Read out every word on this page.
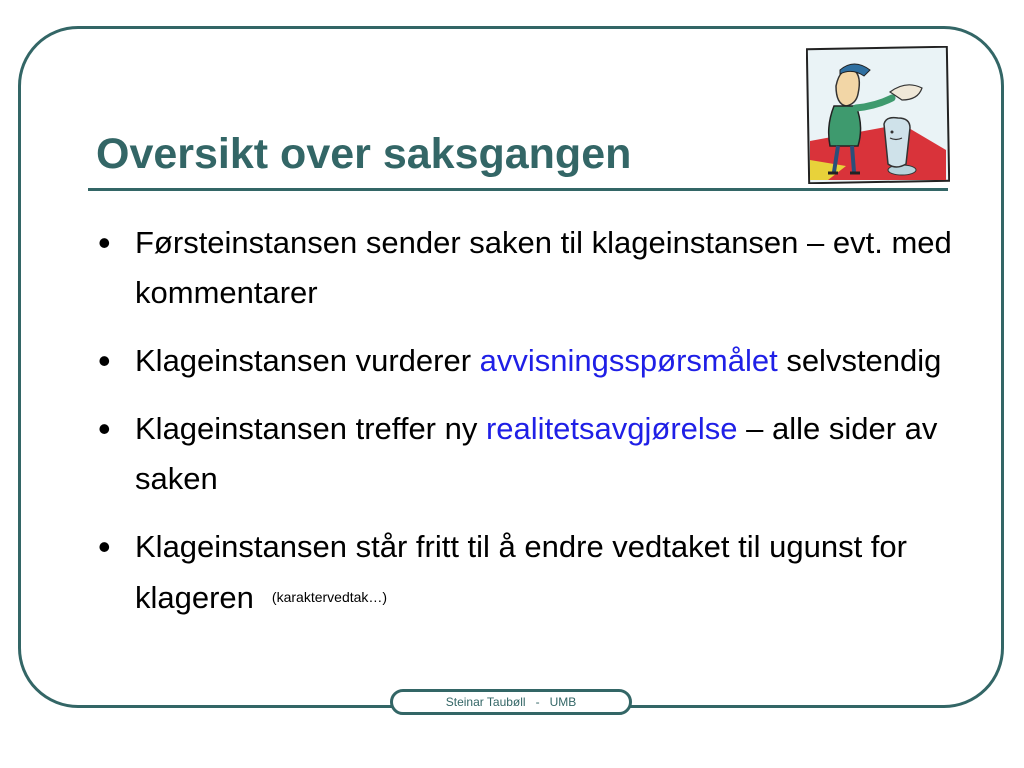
Oversikt over saksgangen
• Førsteinstansen sender saken til klageinstansen – evt. med kommentarer
• Klageinstansen vurderer avvisningsspørsmålet selvstendig
• Klageinstansen treffer ny realitetsavgjørelse – alle sider av saken
• Klageinstansen står fritt til å endre vedtaket til ugunst for klageren (karaktervedtak…)
Steinar Taubøll   -   UMB
